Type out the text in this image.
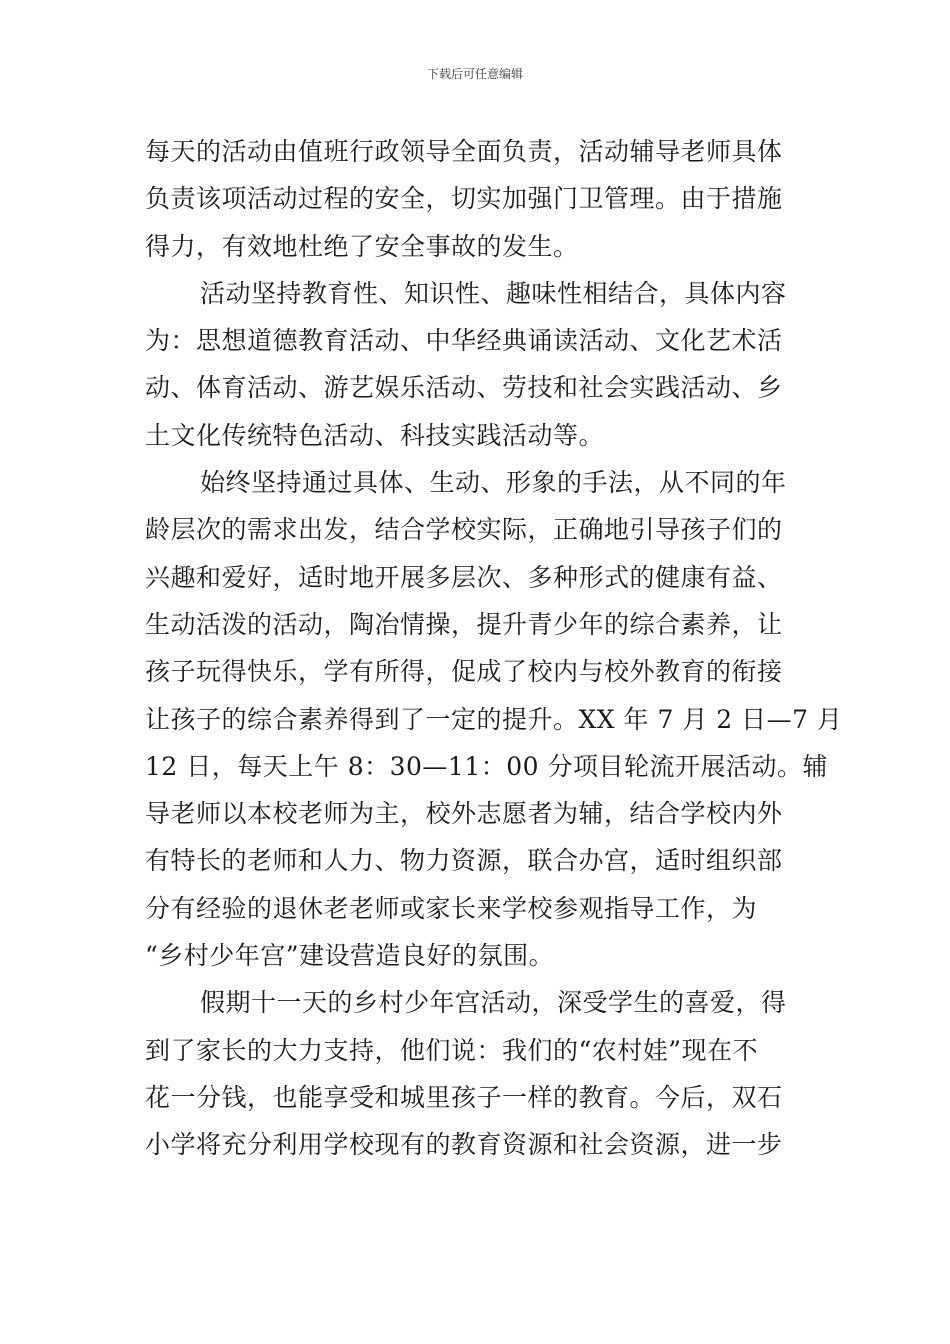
下载后可任意编辑
每天的活动由值班行政领导全面负责，活动辅导老师具体
负责该项活动过程的安全，切实加强门卫管理。由于措施
得力，有效地杜绝了安全事故的发生。
活动坚持教育性、知识性、趣味性相结合，具体内容
为：思想道德教育活动、中华经典诵读活动、文化艺术活
动、体育活动、游艺娱乐活动、劳技和社会实践活动、乡
土文化传统特色活动、科技实践活动等。
始终坚持通过具体、生动、形象的手法，从不同的年
龄层次的需求出发，结合学校实际，正确地引导孩子们的
兴趣和爱好，适时地开展多层次、多种形式的健康有益、
生动活泼的活动，陶冶情操，提升青少年的综合素养，让
孩子玩得快乐，学有所得，促成了校内与校外教育的衔接
让孩子的综合素养得到了一定的提升。XX 年 7 月 2 日—7 月
12 日，每天上午 8：30—11：00 分项目轮流开展活动。辅
导老师以本校老师为主，校外志愿者为辅，结合学校内外
有特长的老师和人力、物力资源，联合办宫，适时组织部
分有经验的退休老老师或家长来学校参观指导工作，为
“乡村少年宫”建设营造良好的氛围。
假期十一天的乡村少年宫活动，深受学生的喜爱，得
到了家长的大力支持，他们说：我们的“农村娃”现在不
花一分钱，也能享受和城里孩子一样的教育。今后，双石
小学将充分利用学校现有的教育资源和社会资源，进一步
